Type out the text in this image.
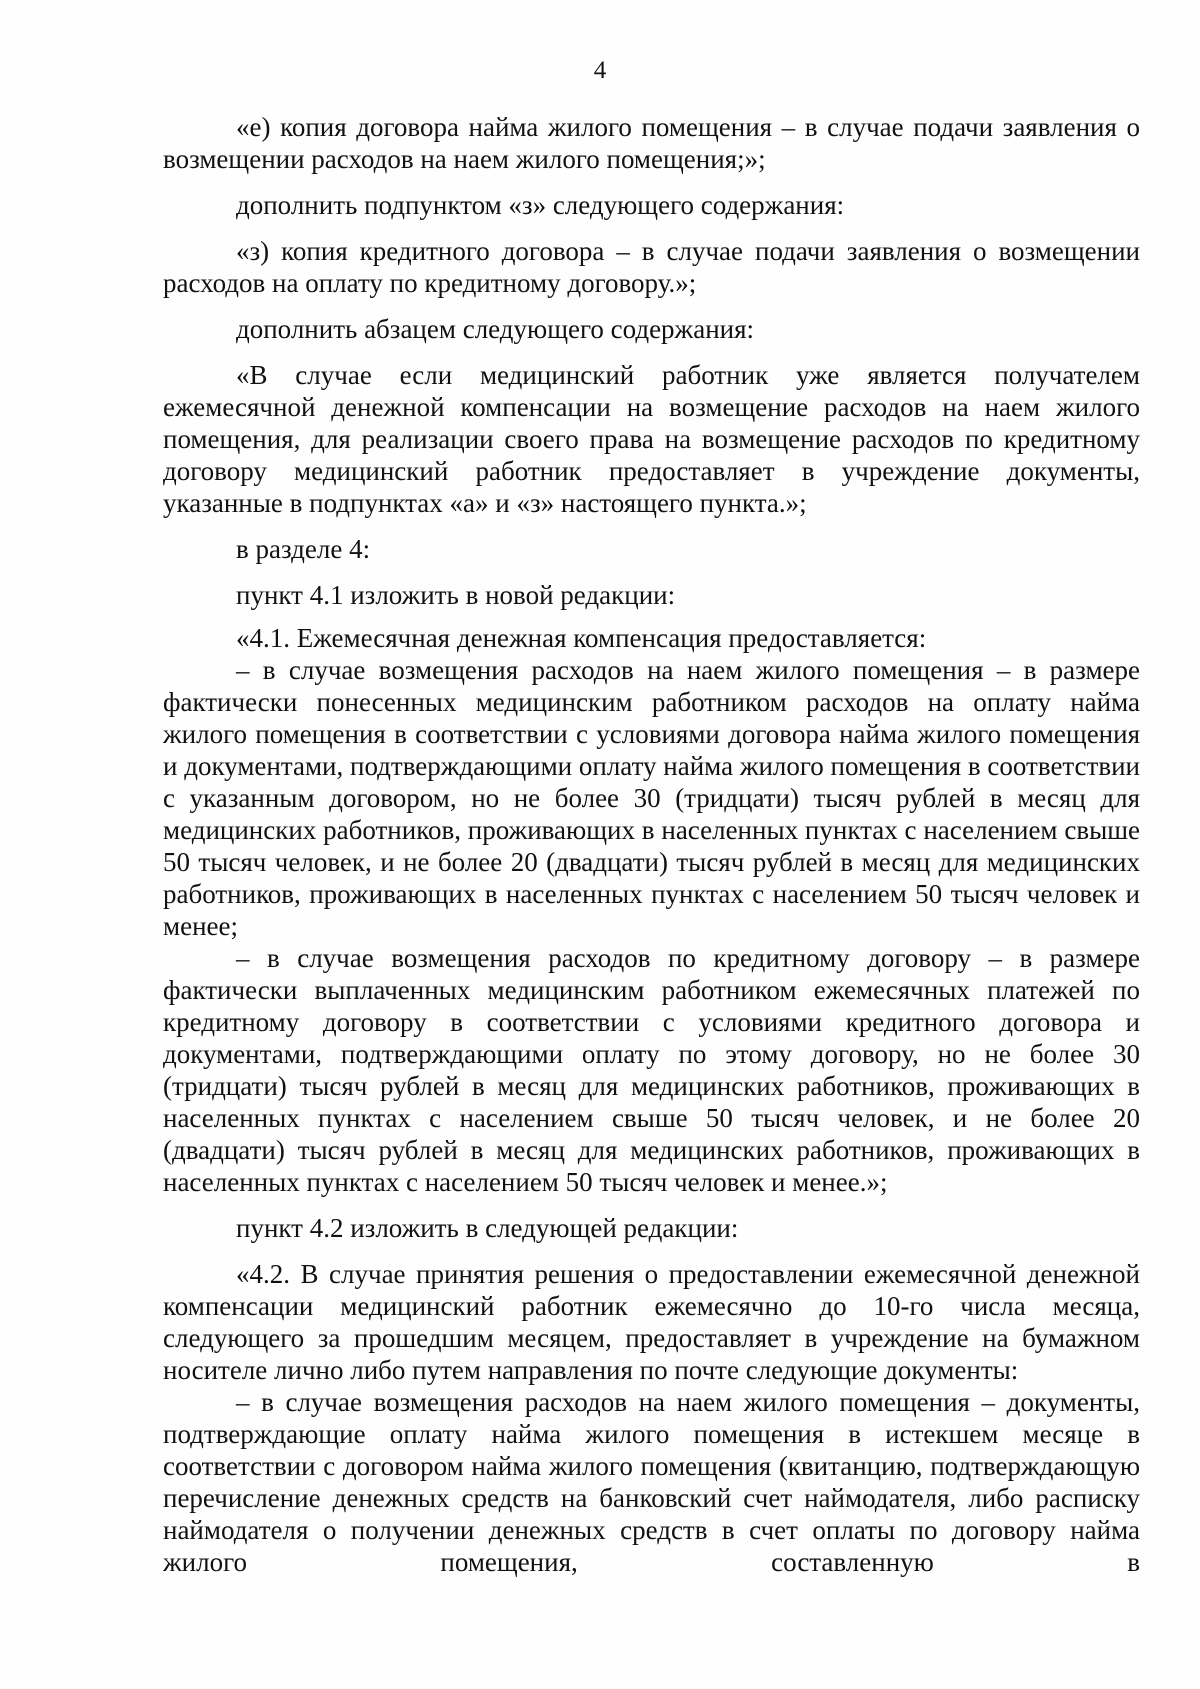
4

«е) копия договора найма жилого помещения – в случае подачи заявления о возмещении расходов на наем жилого помещения;»;

дополнить подпунктом «з» следующего содержания:

«з) копия кредитного договора – в случае подачи заявления о возмещении расходов на оплату по кредитному договору.»;

дополнить абзацем следующего содержания:

«В случае если медицинский работник уже является получателем ежемесячной денежной компенсации на возмещение расходов на наем жилого помещения, для реализации своего права на возмещение расходов по кредитному договору медицинский работник предоставляет в учреждение документы, указанные в подпунктах «а» и «з» настоящего пункта.»;

в разделе 4:

пункт 4.1 изложить в новой редакции:

«4.1. Ежемесячная денежная компенсация предоставляется:

– в случае возмещения расходов на наем жилого помещения – в размере фактически понесенных медицинским работником расходов на оплату найма жилого помещения в соответствии с условиями договора найма жилого помещения и документами, подтверждающими оплату найма жилого помещения в соответствии с указанным договором, но не более 30 (тридцати) тысяч рублей в месяц для медицинских работников, проживающих в населенных пунктах с населением свыше 50 тысяч человек, и не более 20 (двадцати) тысяч рублей в месяц для медицинских работников, проживающих в населенных пунктах с населением 50 тысяч человек и менее;

– в случае возмещения расходов по кредитному договору – в размере фактически выплаченных медицинским работником ежемесячных платежей по кредитному договору в соответствии с условиями кредитного договора и документами, подтверждающими оплату по этому договору, но не более 30 (тридцати) тысяч рублей в месяц для медицинских работников, проживающих в населенных пунктах с населением свыше 50 тысяч человек, и не более 20 (двадцати) тысяч рублей в месяц для медицинских работников, проживающих в населенных пунктах с населением 50 тысяч человек и менее.»;

пункт 4.2 изложить в следующей редакции:

«4.2. В случае принятия решения о предоставлении ежемесячной денежной компенсации медицинский работник ежемесячно до 10-го числа месяца, следующего за прошедшим месяцем, предоставляет в учреждение на бумажном носителе лично либо путем направления по почте следующие документы:

– в случае возмещения расходов на наем жилого помещения – документы, подтверждающие оплату найма жилого помещения в истекшем месяце в соответствии с договором найма жилого помещения (квитанцию, подтверждающую перечисление денежных средств на банковский счет наймодателя, либо расписку наймодателя о получении денежных средств в счет оплаты по договору найма жилого помещения, составленную в
